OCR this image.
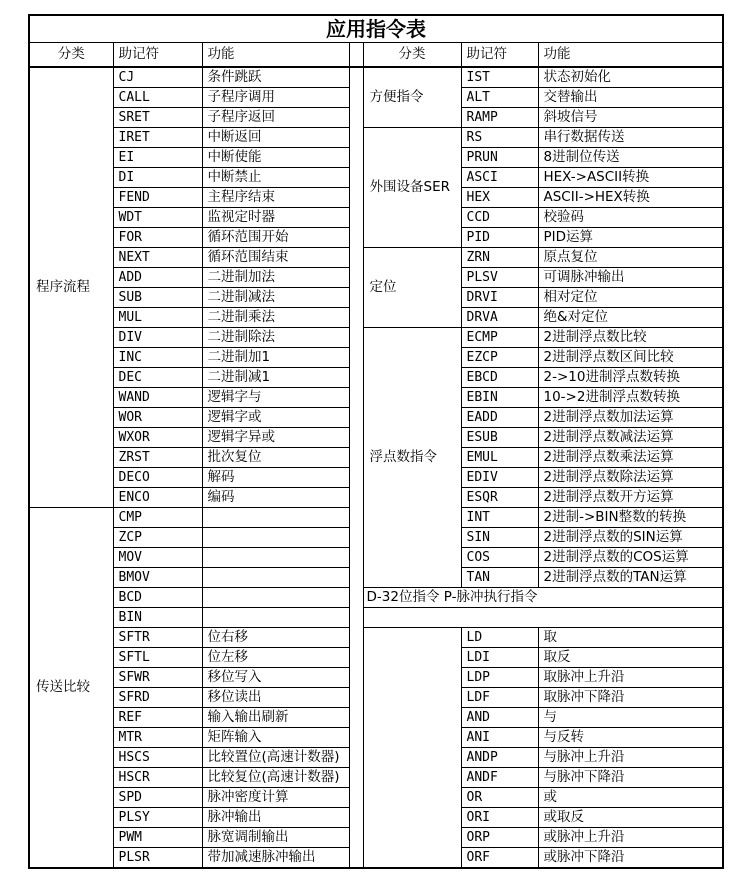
应用指令表						
分类	助记符	功能		分类	助记符	功能
程序流程	CJ	条件跳跃		方便指令	IST	状态初始化
	CALL	子程序调用			ALT	交替输出
	SRET	子程序返回			RAMP	斜坡信号
	IRET	中断返回		外围设备SER	RS	串行数据传送
	EI	中断使能			PRUN	8进制位传送
	DI	中断禁止			ASCI	HEX->ASCII转换
	FEND	主程序结束			HEX	ASCII->HEX转换
	WDT	监视定时器			CCD	校验码
	FOR	循环范围开始			PID	PID运算
	NEXT	循环范围结束		定位	ZRN	原点复位
	ADD	二进制加法			PLSV	可调脉冲输出
	SUB	二进制减法			DRVI	相对定位
	MUL	二进制乘法			DRVA	绝&对定位
	DIV	二进制除法		浮点数指令	ECMP	2进制浮点数比较
	INC	二进制加1			EZCP	2进制浮点数区间比较
	DEC	二进制减1			EBCD	2->10进制浮点数转换
	WAND	逻辑字与			EBIN	10->2进制浮点数转换
	WOR	逻辑字或			EADD	2进制浮点数加法运算
	WXOR	逻辑字异或			ESUB	2进制浮点数减法运算
	ZRST	批次复位			EMUL	2进制浮点数乘法运算
	DECO	解码			EDIV	2进制浮点数除法运算
	ENCO	编码			ESQR	2进制浮点数开方运算
传送比较	CMP				INT	2进制->BIN整数的转换
	ZCP				SIN	2进制浮点数的SIN运算
	MOV				COS	2进制浮点数的COS运算
	BMOV				TAN	2进制浮点数的TAN运算
	BCD			D-32位指令 P-脉冲执行指令		
	BIN					
	SFTR	位右移			LD	取
	SFTL	位左移			LDI	取反
	SFWR	移位写入			LDP	取脉冲上升沿
	SFRD	移位读出			LDF	取脉冲下降沿
	REF	输入输出刷新			AND	与
	MTR	矩阵输入			ANI	与反转
	HSCS	比较置位(高速计数器)			ANDP	与脉冲上升沿
	HSCR	比较复位(高速计数器)			ANDF	与脉冲下降沿
	SPD	脉冲密度计算			OR	或
	PLSY	脉冲输出			ORI	或取反
	PWM	脉宽调制输出			ORP	或脉冲上升沿
	PLSR	带加减速脉冲输出			ORF	或脉冲下降沿
